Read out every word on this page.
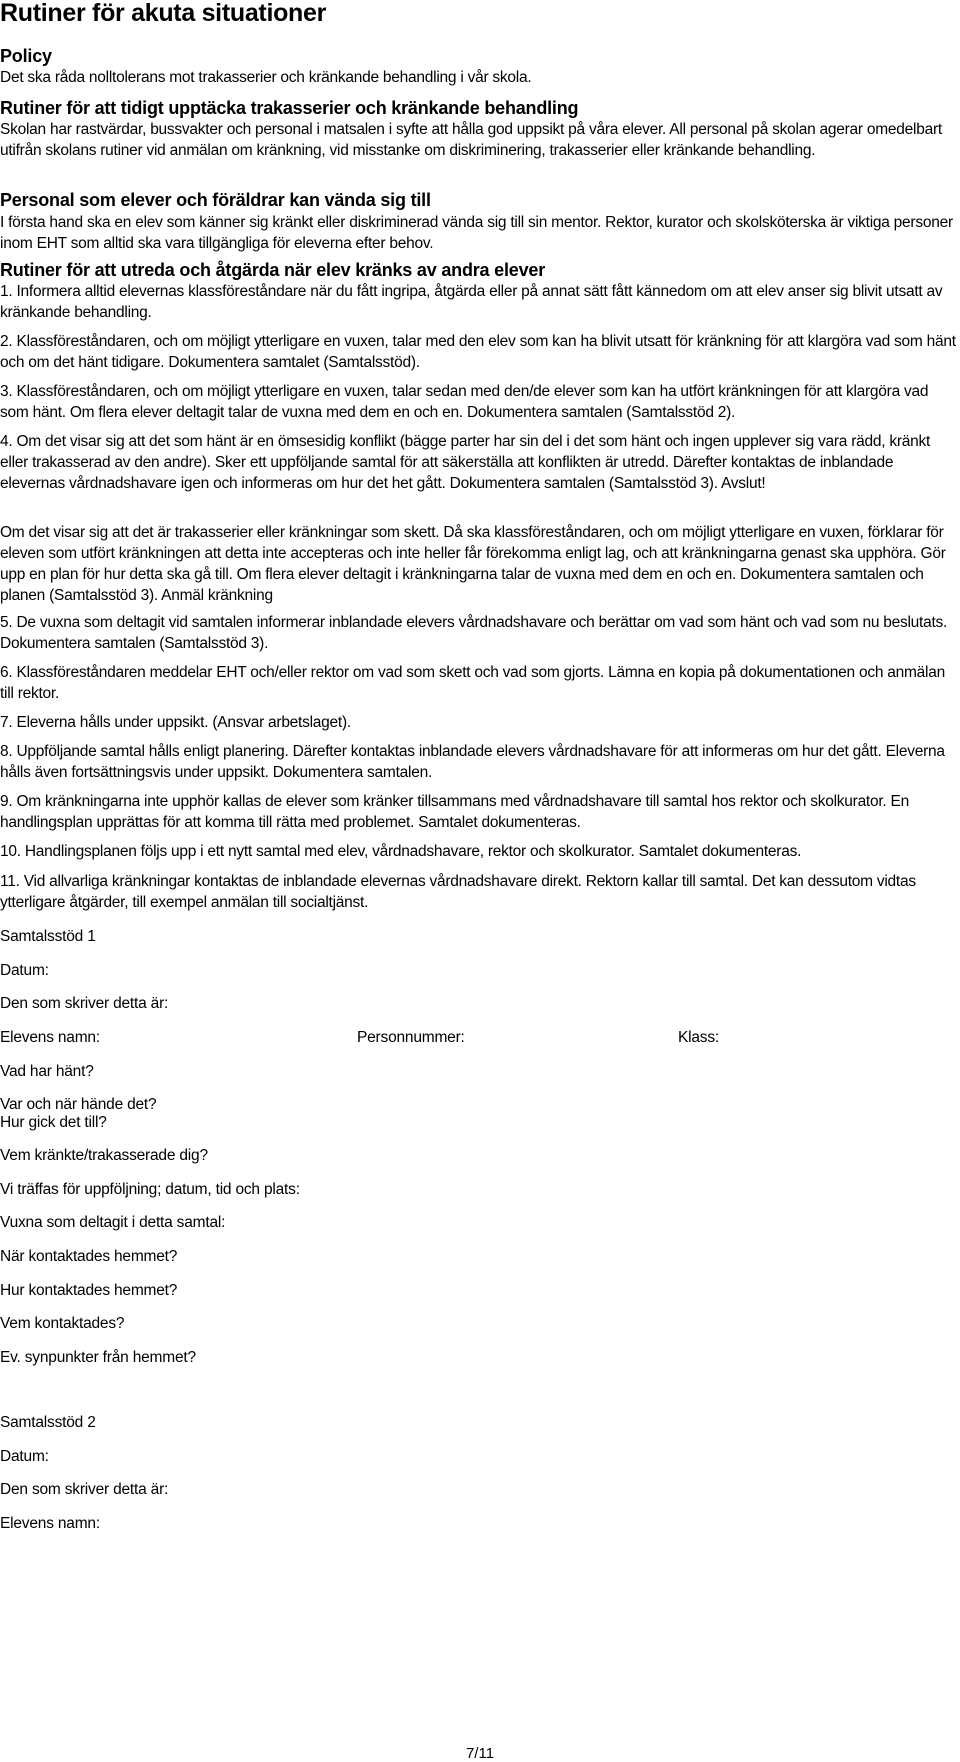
Rutiner för akuta situationer
Policy
Det ska råda nolltolerans mot trakasserier och kränkande behandling i vår skola.
Rutiner för att tidigt upptäcka trakasserier och kränkande behandling
Skolan har rastvärdar, bussvakter och personal i matsalen i syfte att hålla god uppsikt på våra elever. All personal på skolan agerar omedelbart utifrån skolans rutiner vid anmälan om kränkning, vid misstanke om diskriminering, trakasserier eller kränkande behandling.
Personal som elever och föräldrar kan vända sig till
I första hand ska en elev som känner sig kränkt eller diskriminerad vända sig till sin mentor. Rektor, kurator och skolsköterska är viktiga personer inom EHT som alltid ska vara tillgängliga för eleverna efter behov.
Rutiner för att utreda och åtgärda när elev kränks av andra elever
1. Informera alltid elevernas klassföreståndare när du fått ingripa, åtgärda eller på annat sätt fått kännedom om att elev anser sig blivit utsatt av kränkande behandling.
2. Klassföreståndaren, och om möjligt ytterligare en vuxen, talar med den elev som kan ha blivit utsatt för kränkning för att klargöra vad som hänt och om det hänt tidigare. Dokumentera samtalet (Samtalsstöd).
3. Klassföreståndaren, och om möjligt ytterligare en vuxen, talar sedan med den/de elever som kan ha utfört kränkningen för att klargöra vad som hänt. Om flera elever deltagit talar de vuxna med dem en och en. Dokumentera samtalen (Samtalsstöd 2).
4. Om det visar sig att det som hänt är en ömsesidig konflikt (bägge parter har sin del i det som hänt och ingen upplever sig vara rädd, kränkt eller trakasserad av den andre). Sker ett uppföljande samtal för att säkerställa att konflikten är utredd. Därefter kontaktas de inblandade elevernas vårdnadshavare igen och informeras om hur det het gått. Dokumentera samtalen (Samtalsstöd 3). Avslut!
Om det visar sig att det är trakasserier eller kränkningar som skett. Då ska klassföreståndaren, och om möjligt ytterligare en vuxen, förklarar för eleven som utfört kränkningen att detta inte accepteras och inte heller får förekomma enligt lag, och att kränkningarna genast ska upphöra. Gör upp en plan för hur detta ska gå till. Om flera elever deltagit i kränkningarna talar de vuxna med dem en och en. Dokumentera samtalen och planen (Samtalsstöd 3). Anmäl kränkning
5. De vuxna som deltagit vid samtalen informerar inblandade elevers vårdnadshavare och berättar om vad som hänt och vad som nu beslutats. Dokumentera samtalen (Samtalsstöd 3).
6. Klassföreståndaren meddelar EHT och/eller rektor om vad som skett och vad som gjorts. Lämna en kopia på dokumentationen och anmälan till rektor.
7. Eleverna hålls under uppsikt. (Ansvar arbetslaget).
8. Uppföljande samtal hålls enligt planering. Därefter kontaktas inblandade elevers vårdnadshavare för att informeras om hur det gått. Eleverna hålls även fortsättningsvis under uppsikt. Dokumentera samtalen.
9. Om kränkningarna inte upphör kallas de elever som kränker tillsammans med vårdnadshavare till samtal hos rektor och skolkurator. En handlingsplan upprättas för att komma till rätta med problemet. Samtalet dokumenteras.
10. Handlingsplanen följs upp i ett nytt samtal med elev, vårdnadshavare, rektor och skolkurator. Samtalet dokumenteras.
11. Vid allvarliga kränkningar kontaktas de inblandade elevernas vårdnadshavare direkt. Rektorn kallar till samtal. Det kan dessutom vidtas ytterligare åtgärder, till exempel anmälan till socialtjänst.
Samtalsstöd 1
Datum:
Den som skriver detta är:
Elevens namn:	Personnummer:	Klass:
Vad har hänt?
Var och när hände det?
Hur gick det till?
Vem kränkte/trakasserade dig?
Vi träffas för uppföljning; datum, tid och plats:
Vuxna som deltagit i detta samtal:
När kontaktades hemmet?
Hur kontaktades hemmet?
Vem kontaktades?
Ev. synpunkter från hemmet?
Samtalsstöd 2
Datum:
Den som skriver detta är:
Elevens namn:
7/11
